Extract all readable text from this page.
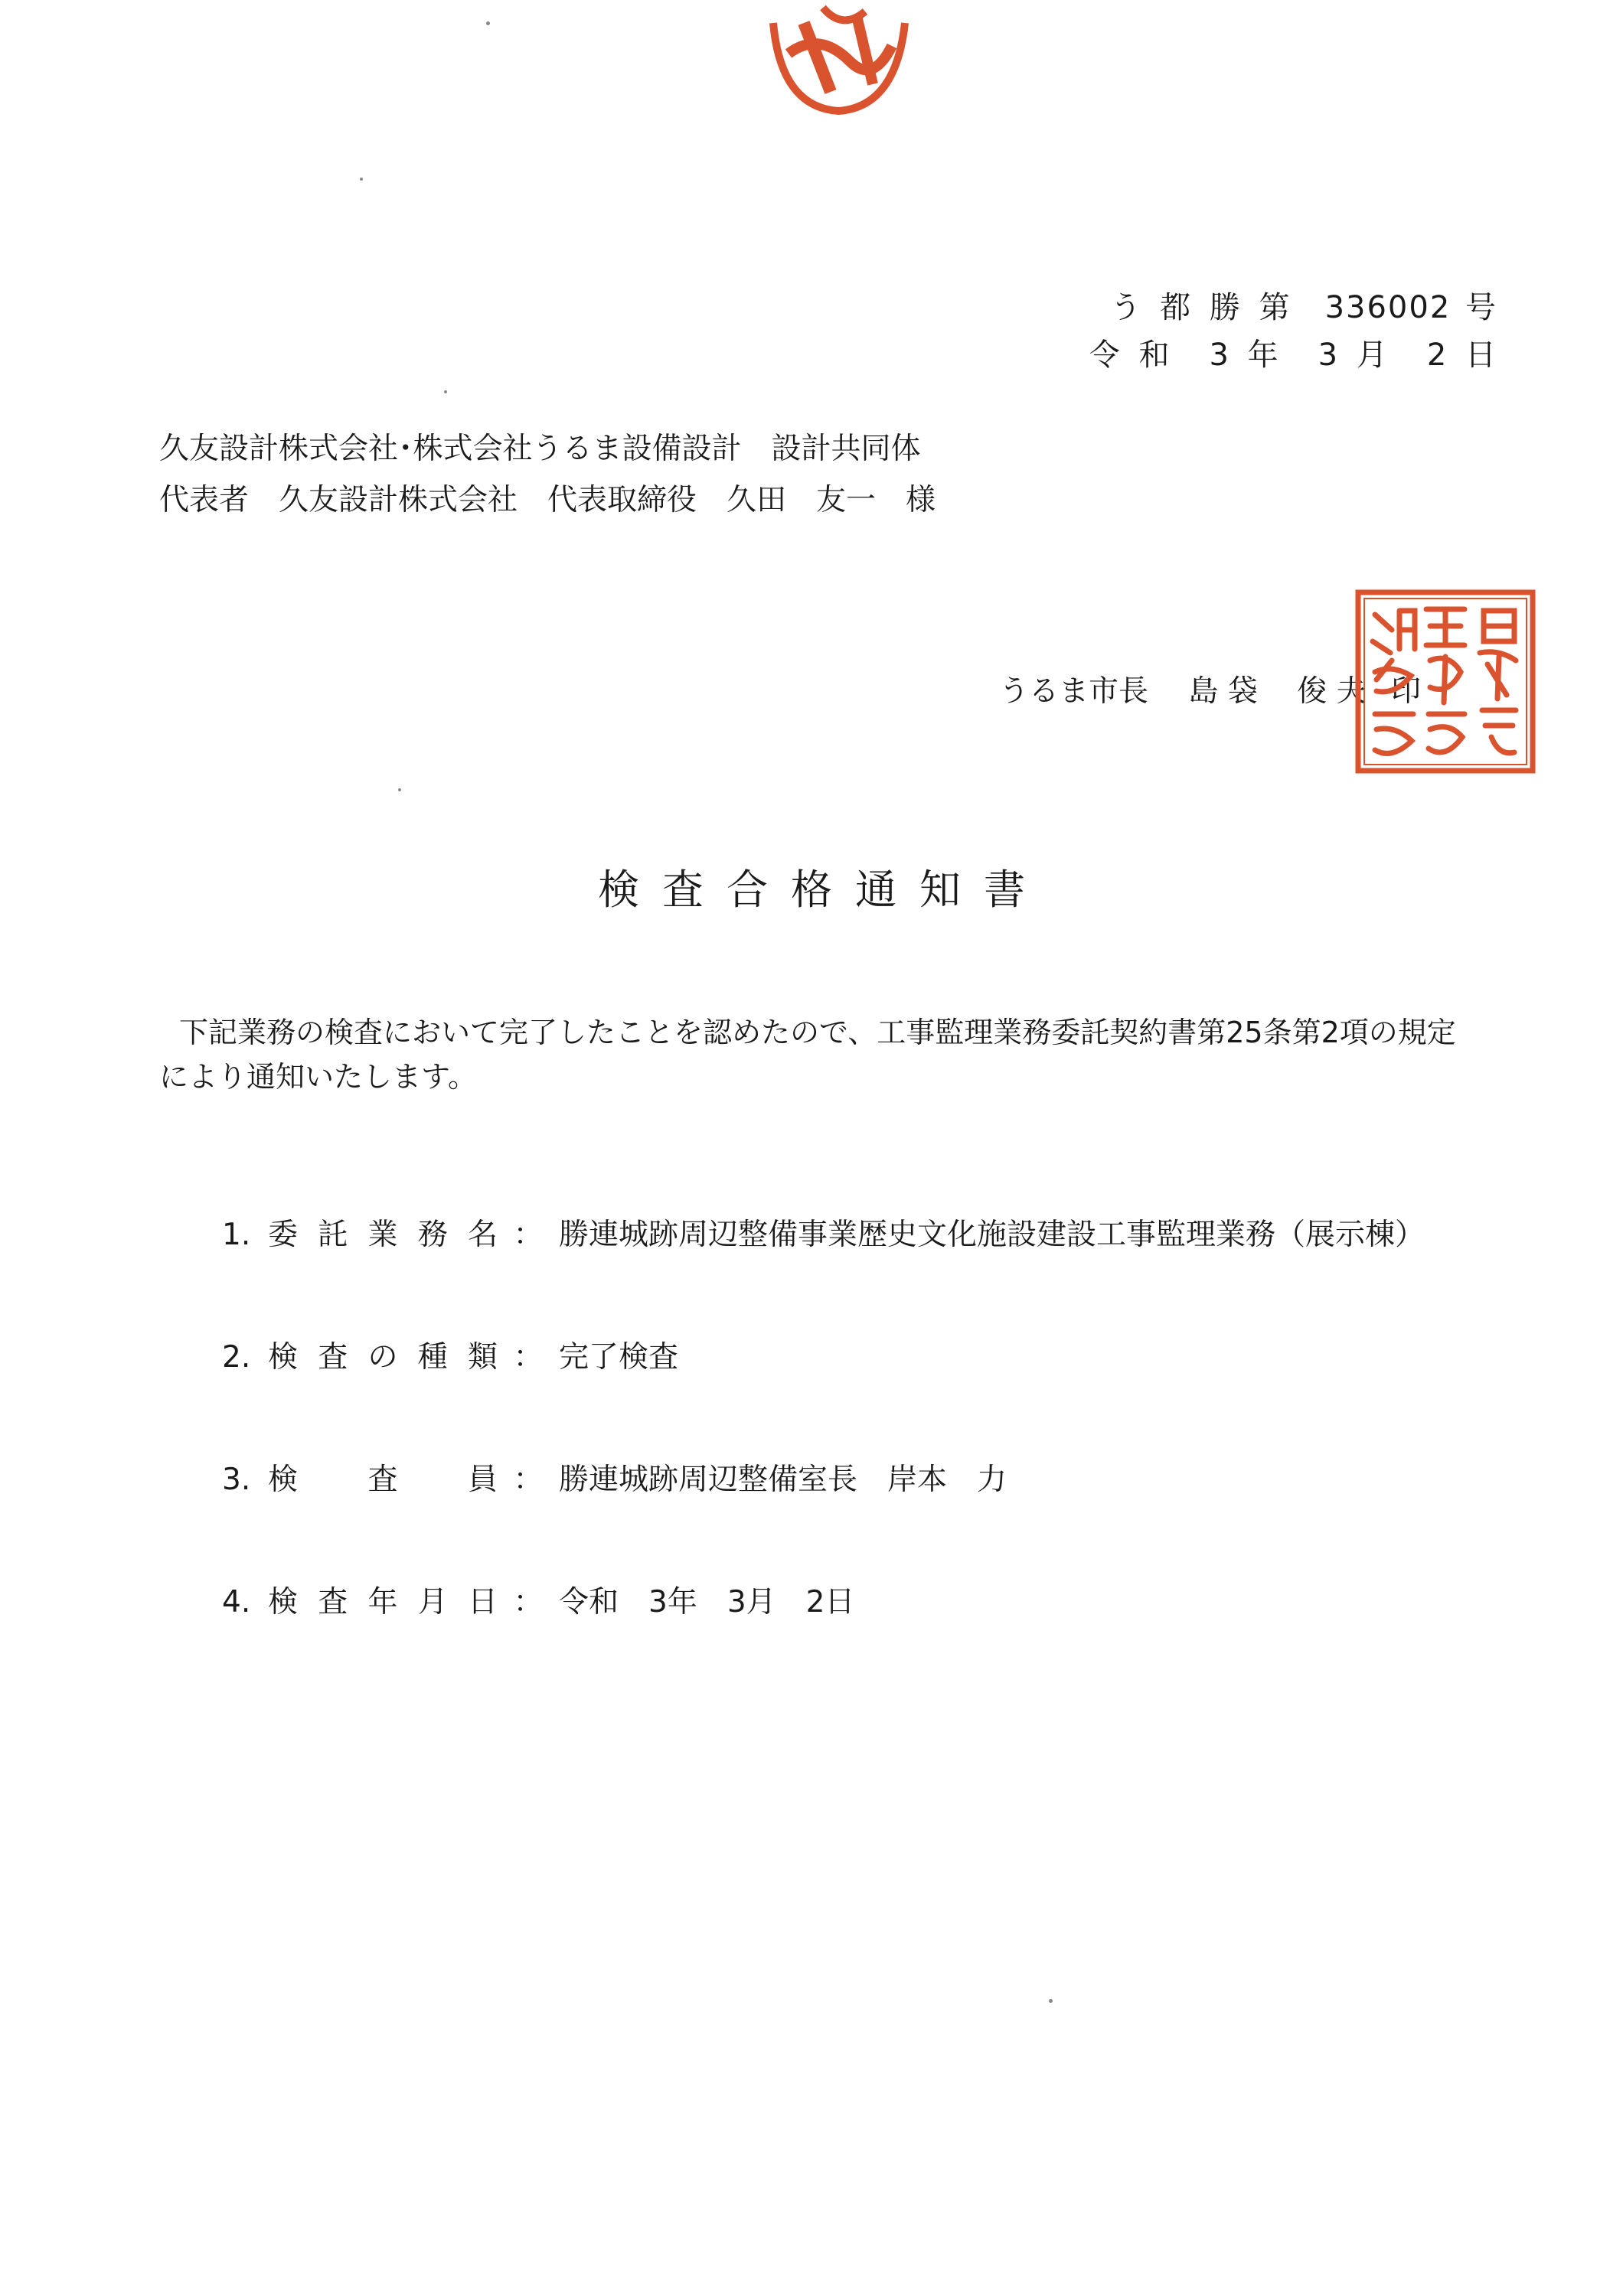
う 都 勝 第 336002 号
令 和　3 年　3 月　2 日
久友設計株式会社･株式会社うるま設備設計　設計共同体
代表者　久友設計株式会社　代表取締役　久田　友一　様
うるま市長 島 袋　 俊 夫 印
沖縄県うるま市長之印
検査合格通知書
下記業務の検査において完了したことを認めたので、工事監理業務委託契約書第25条第2項の規定により通知いたします。
1. 委 託 業 務 名 ： 勝連城跡周辺整備事業歴史文化施設建設工事監理業務（展示棟）
2. 検 査 の 種 類 ： 完了検査
3. 検 査 員 ： 勝連城跡周辺整備室長　岸本　力
4. 検 査 年 月 日 ： 令和　3年　3月　2日
